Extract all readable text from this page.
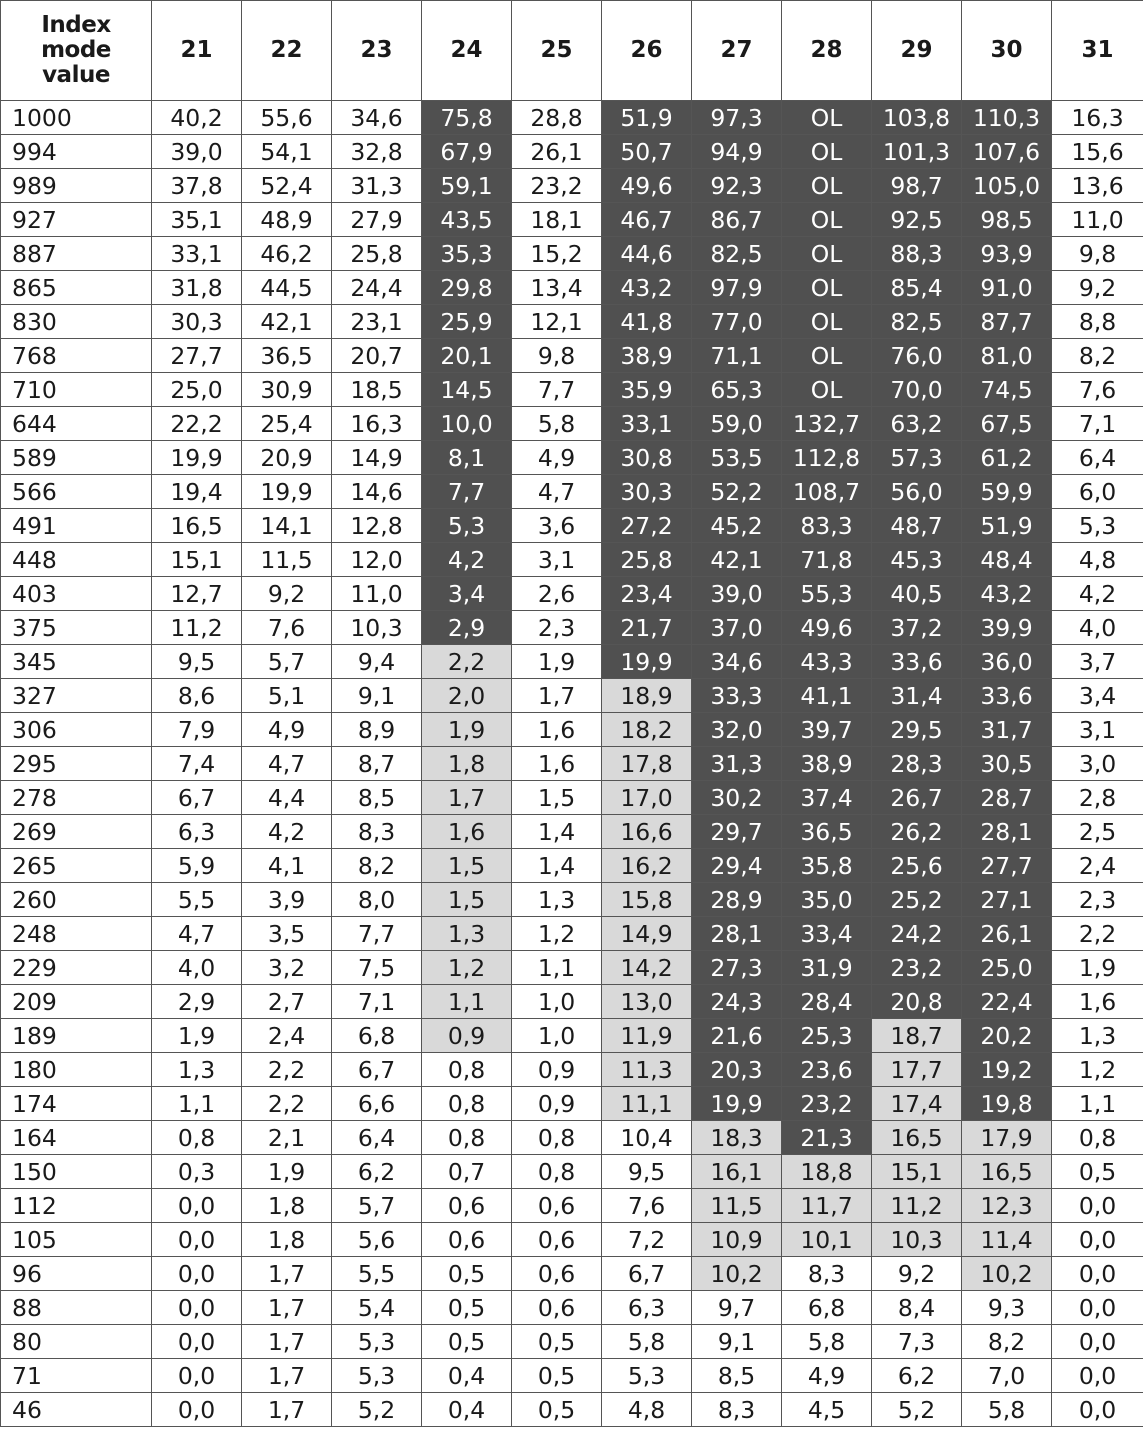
Index
mode
value	21	22	23	24	25	26	27	28	29	30	31
1000	40,2	55,6	34,6	75,8	28,8	51,9	97,3	OL	103,8	110,3	16,3
994	39,0	54,1	32,8	67,9	26,1	50,7	94,9	OL	101,3	107,6	15,6
989	37,8	52,4	31,3	59,1	23,2	49,6	92,3	OL	98,7	105,0	13,6
927	35,1	48,9	27,9	43,5	18,1	46,7	86,7	OL	92,5	98,5	11,0
887	33,1	46,2	25,8	35,3	15,2	44,6	82,5	OL	88,3	93,9	9,8
865	31,8	44,5	24,4	29,8	13,4	43,2	97,9	OL	85,4	91,0	9,2
830	30,3	42,1	23,1	25,9	12,1	41,8	77,0	OL	82,5	87,7	8,8
768	27,7	36,5	20,7	20,1	9,8	38,9	71,1	OL	76,0	81,0	8,2
710	25,0	30,9	18,5	14,5	7,7	35,9	65,3	OL	70,0	74,5	7,6
644	22,2	25,4	16,3	10,0	5,8	33,1	59,0	132,7	63,2	67,5	7,1
589	19,9	20,9	14,9	8,1	4,9	30,8	53,5	112,8	57,3	61,2	6,4
566	19,4	19,9	14,6	7,7	4,7	30,3	52,2	108,7	56,0	59,9	6,0
491	16,5	14,1	12,8	5,3	3,6	27,2	45,2	83,3	48,7	51,9	5,3
448	15,1	11,5	12,0	4,2	3,1	25,8	42,1	71,8	45,3	48,4	4,8
403	12,7	9,2	11,0	3,4	2,6	23,4	39,0	55,3	40,5	43,2	4,2
375	11,2	7,6	10,3	2,9	2,3	21,7	37,0	49,6	37,2	39,9	4,0
345	9,5	5,7	9,4	2,2	1,9	19,9	34,6	43,3	33,6	36,0	3,7
327	8,6	5,1	9,1	2,0	1,7	18,9	33,3	41,1	31,4	33,6	3,4
306	7,9	4,9	8,9	1,9	1,6	18,2	32,0	39,7	29,5	31,7	3,1
295	7,4	4,7	8,7	1,8	1,6	17,8	31,3	38,9	28,3	30,5	3,0
278	6,7	4,4	8,5	1,7	1,5	17,0	30,2	37,4	26,7	28,7	2,8
269	6,3	4,2	8,3	1,6	1,4	16,6	29,7	36,5	26,2	28,1	2,5
265	5,9	4,1	8,2	1,5	1,4	16,2	29,4	35,8	25,6	27,7	2,4
260	5,5	3,9	8,0	1,5	1,3	15,8	28,9	35,0	25,2	27,1	2,3
248	4,7	3,5	7,7	1,3	1,2	14,9	28,1	33,4	24,2	26,1	2,2
229	4,0	3,2	7,5	1,2	1,1	14,2	27,3	31,9	23,2	25,0	1,9
209	2,9	2,7	7,1	1,1	1,0	13,0	24,3	28,4	20,8	22,4	1,6
189	1,9	2,4	6,8	0,9	1,0	11,9	21,6	25,3	18,7	20,2	1,3
180	1,3	2,2	6,7	0,8	0,9	11,3	20,3	23,6	17,7	19,2	1,2
174	1,1	2,2	6,6	0,8	0,9	11,1	19,9	23,2	17,4	19,8	1,1
164	0,8	2,1	6,4	0,8	0,8	10,4	18,3	21,3	16,5	17,9	0,8
150	0,3	1,9	6,2	0,7	0,8	9,5	16,1	18,8	15,1	16,5	0,5
112	0,0	1,8	5,7	0,6	0,6	7,6	11,5	11,7	11,2	12,3	0,0
105	0,0	1,8	5,6	0,6	0,6	7,2	10,9	10,1	10,3	11,4	0,0
96	0,0	1,7	5,5	0,5	0,6	6,7	10,2	8,3	9,2	10,2	0,0
88	0,0	1,7	5,4	0,5	0,6	6,3	9,7	6,8	8,4	9,3	0,0
80	0,0	1,7	5,3	0,5	0,5	5,8	9,1	5,8	7,3	8,2	0,0
71	0,0	1,7	5,3	0,4	0,5	5,3	8,5	4,9	6,2	7,0	0,0
46	0,0	1,7	5,2	0,4	0,5	4,8	8,3	4,5	5,2	5,8	0,0
